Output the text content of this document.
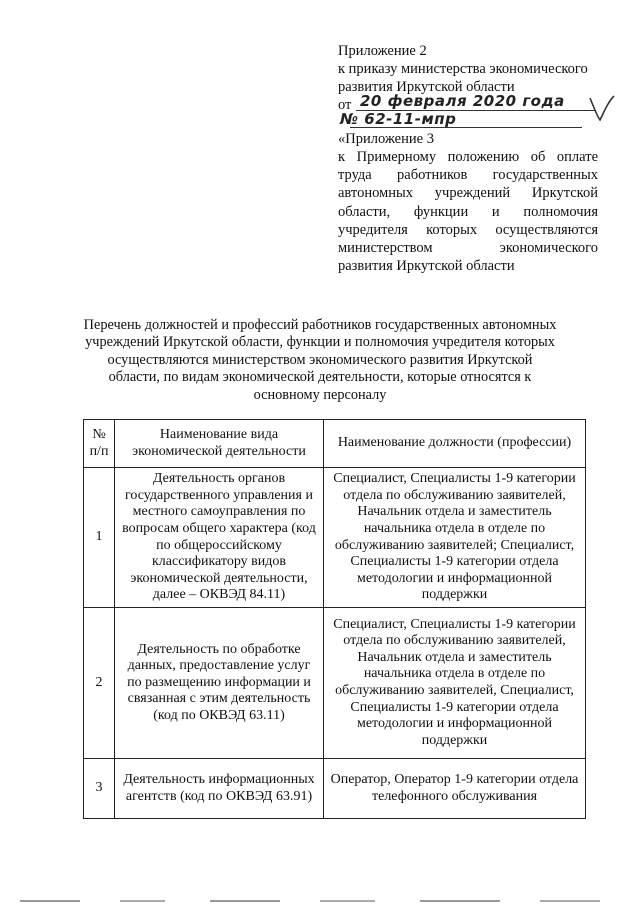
Приложение 2
к приказу министерства экономического
развития Иркутской области
от 20 февраля 2020 года
№ 62-11-мпр
«Приложение 3
к Примерному положению об оплате
труда работников государственных
автономных учреждений Иркутской
области, функции и полномочия
учредителя которых осуществляются
министерством экономического
развития Иркутской области
Перечень должностей и профессий работников государственных автономных
учреждений Иркутской области, функции и полномочия учредителя которых
осуществляются министерством экономического развития Иркутской
области, по видам экономической деятельности, которые относятся к
основному персоналу
№ п/п	Наименование вида экономической деятельности	Наименование должности (профессии)
1	Деятельность органов государственного управления и местного самоуправления по вопросам общего характера (код по общероссийскому классификатору видов экономической деятельности, далее – ОКВЭД 84.11)	Специалист, Специалисты 1-9 категории отдела по обслуживанию заявителей, Начальник отдела и заместитель начальника отдела в отделе по обслуживанию заявителей; Специалист, Специалисты 1-9 категории отдела методологии и информационной поддержки
2	Деятельность по обработке данных, предоставление услуг по размещению информации и связанная с этим деятельность (код по ОКВЭД 63.11)	Специалист, Специалисты 1-9 категории отдела по обслуживанию заявителей, Начальник отдела и заместитель начальника отдела в отделе по обслуживанию заявителей, Специалист, Специалисты 1-9 категории отдела методологии и информационной поддержки
3	Деятельность информационных агентств (код по ОКВЭД 63.91)	Оператор, Оператор 1-9 категории отдела телефонного обслуживания
